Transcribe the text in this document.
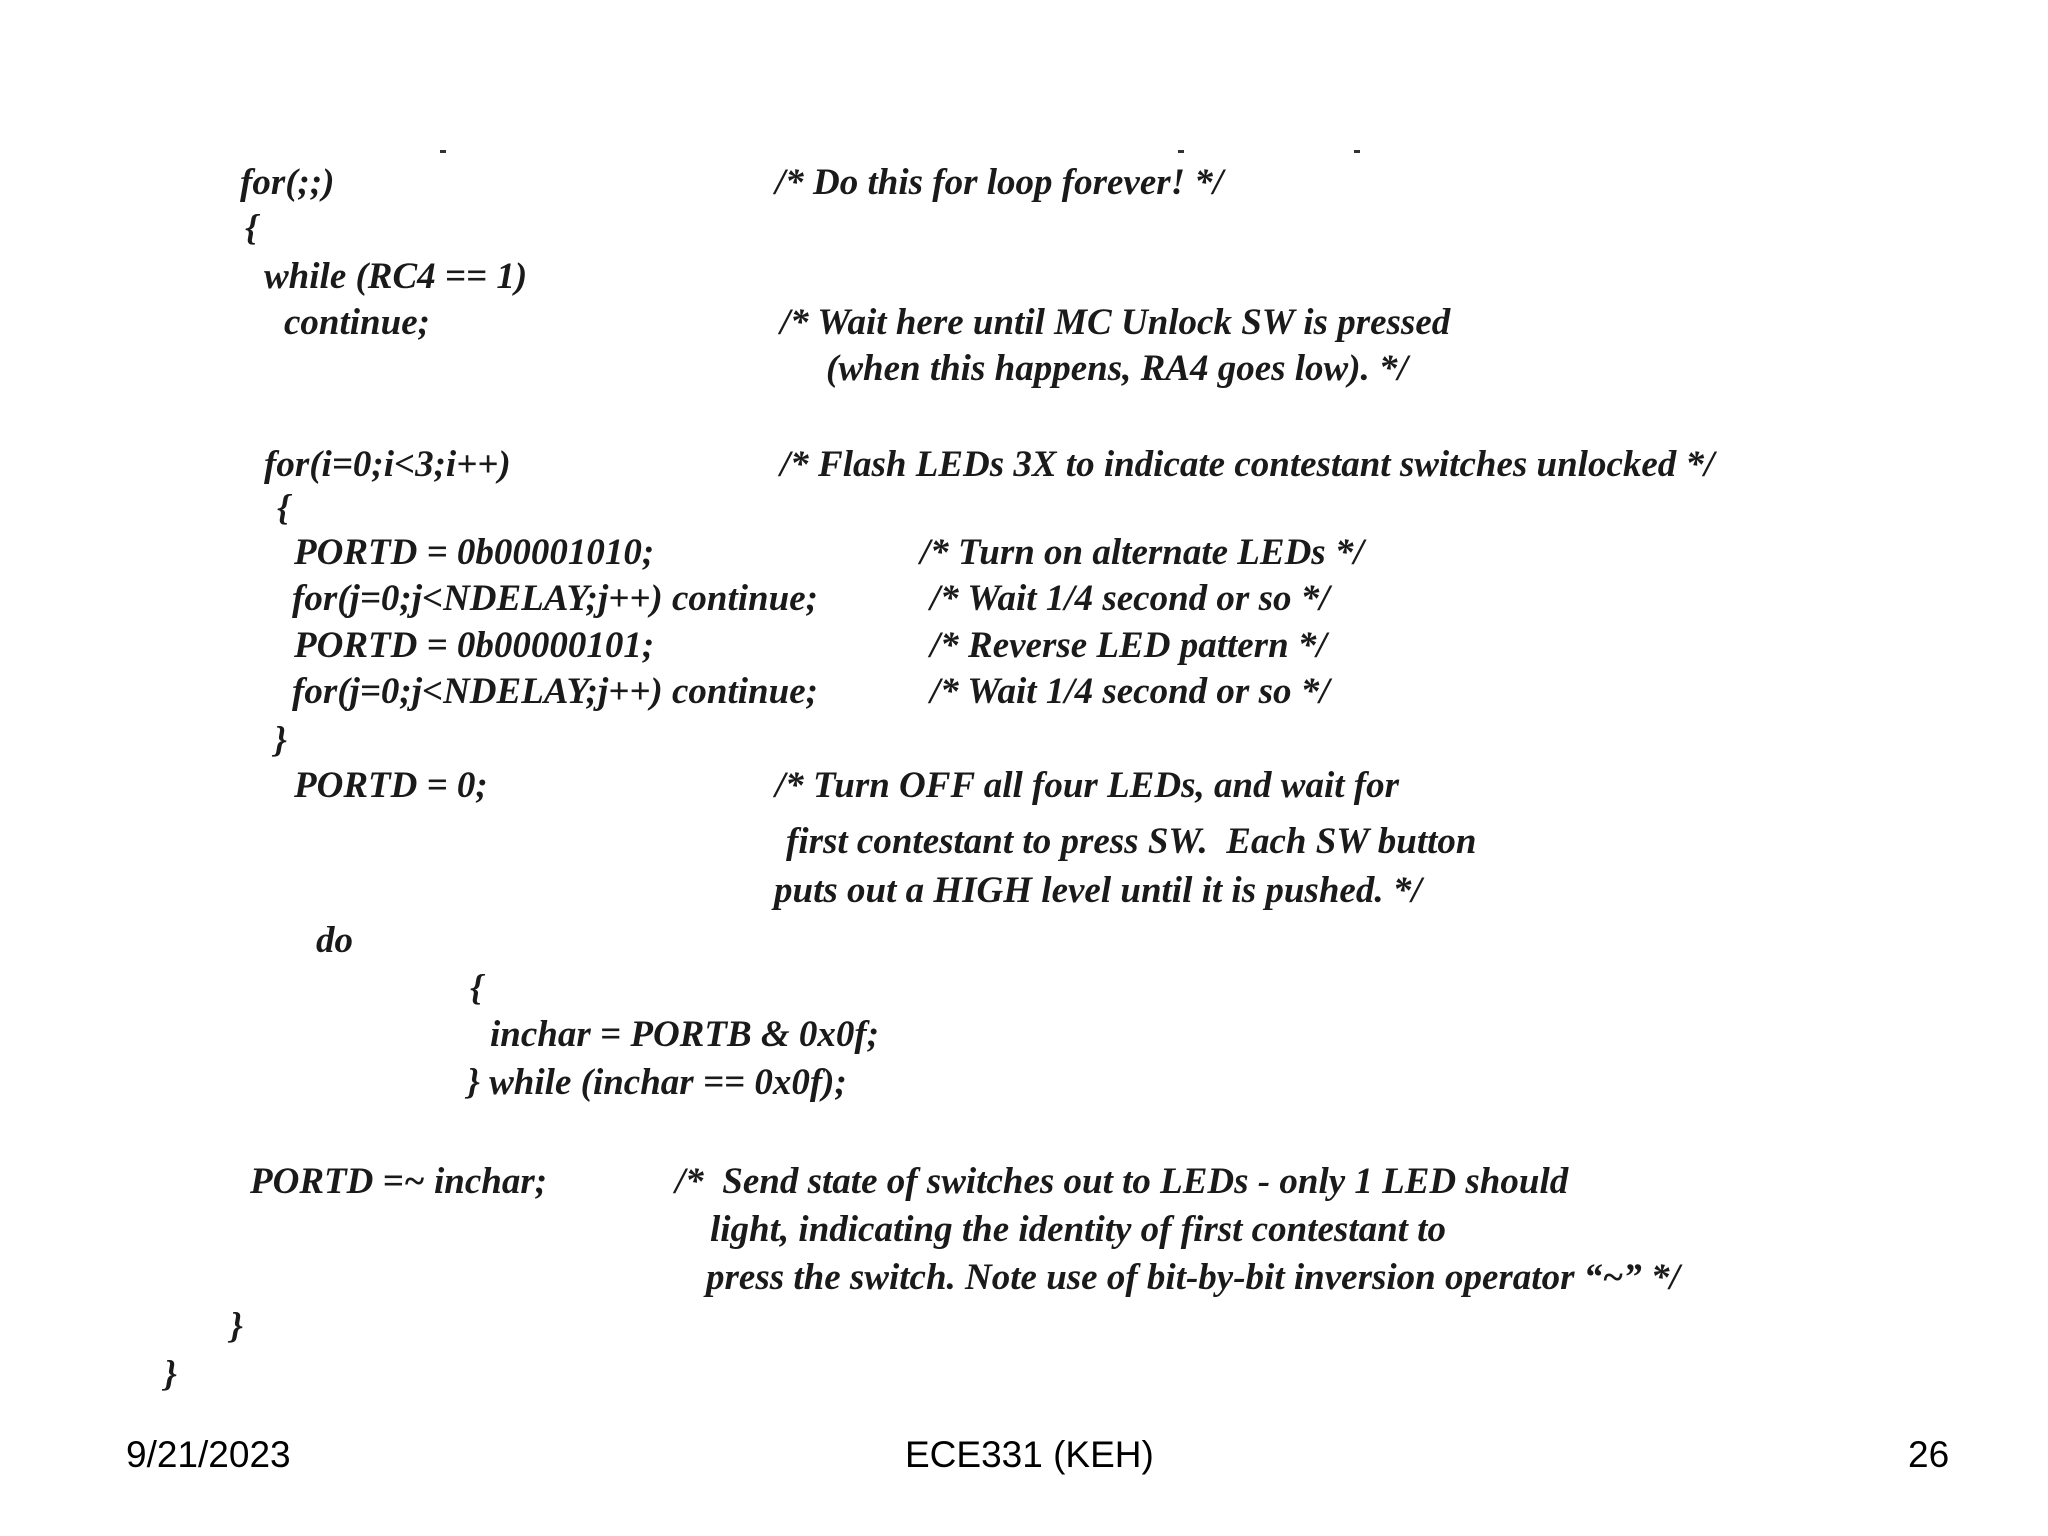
for(;;)
{
while (RC4 == 1)
continue;
for(i=0;i<3;i++)
{
PORTD = 0b00001010;
for(j=0;j<NDELAY;j++) continue;
PORTD = 0b00000101;
for(j=0;j<NDELAY;j++) continue;
}
PORTD = 0;
do
{
inchar = PORTB & 0x0f;
} while (inchar == 0x0f);
PORTD =~ inchar;
}
}
/* Do this for loop forever! */
/* Wait here until MC Unlock SW is pressed
(when this happens, RA4 goes low). */
/* Flash LEDs 3X to indicate contestant switches unlocked */
/* Turn on alternate LEDs */
/* Wait 1/4 second or so */
/* Reverse LED pattern */
/* Wait 1/4 second or so */
/* Turn OFF all four LEDs, and wait for
first contestant to press SW.  Each SW button
puts out a HIGH level until it is pushed. */
/*  Send state of switches out to LEDs - only 1 LED should
light, indicating the identity of first contestant to
press the switch. Note use of bit-by-bit inversion operator “~” */
9/21/2023	ECE331 (KEH)	26
